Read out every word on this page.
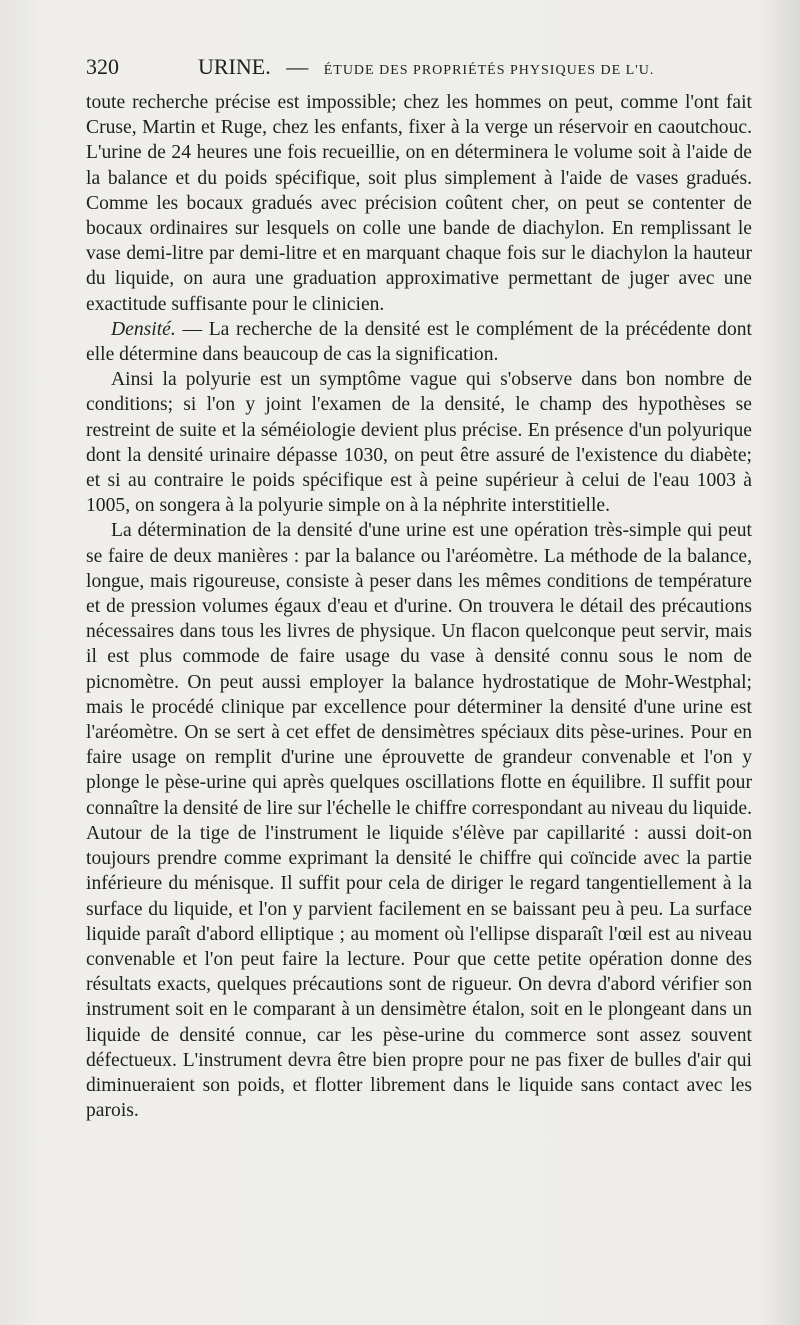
320	URINE. — ÉTUDE DES PROPRIÉTÉS PHYSIQUES DE L'U.

toute recherche précise est impossible; chez les hommes on peut, comme l'ont fait Cruse, Martin et Ruge, chez les enfants, fixer à la verge un réservoir en caoutchouc. L'urine de 24 heures une fois recueillie, on en déterminera le volume soit à l'aide de la balance et du poids spécifique, soit plus simplement à l'aide de vases gradués. Comme les bocaux gradués avec précision coûtent cher, on peut se contenter de bocaux ordinaires sur lesquels on colle une bande de diachylon. En remplissant le vase demi-litre par demi-litre et en marquant chaque fois sur le diachylon la hauteur du liquide, on aura une graduation approximative permettant de juger avec une exactitude suffisante pour le clinicien.

Densité. — La recherche de la densité est le complément de la précédente dont elle détermine dans beaucoup de cas la signification.

Ainsi la polyurie est un symptôme vague qui s'observe dans bon nombre de conditions; si l'on y joint l'examen de la densité, le champ des hypothèses se restreint de suite et la séméiologie devient plus précise. En présence d'un polyurique dont la densité urinaire dépasse 1030, on peut être assuré de l'existence du diabète; et si au contraire le poids spécifique est à peine supérieur à celui de l'eau 1003 à 1005, on songera à la polyurie simple on à la néphrite interstitielle.

La détermination de la densité d'une urine est une opération très-simple qui peut se faire de deux manières : par la balance ou l'aréomètre. La méthode de la balance, longue, mais rigoureuse, consiste à peser dans les mêmes conditions de température et de pression volumes égaux d'eau et d'urine. On trouvera le détail des précautions nécessaires dans tous les livres de physique. Un flacon quelconque peut servir, mais il est plus commode de faire usage du vase à densité connu sous le nom de picnomètre. On peut aussi employer la balance hydrostatique de Mohr-Westphal; mais le procédé clinique par excellence pour déterminer la densité d'une urine est l'aréomètre. On se sert à cet effet de densimètres spéciaux dits pèse-urines. Pour en faire usage on remplit d'urine une éprouvette de grandeur convenable et l'on y plonge le pèse-urine qui après quelques oscillations flotte en équilibre. Il suffit pour connaître la densité de lire sur l'échelle le chiffre correspondant au niveau du liquide. Autour de la tige de l'instrument le liquide s'élève par capillarité : aussi doit-on toujours prendre comme exprimant la densité le chiffre qui coïncide avec la partie inférieure du ménisque. Il suffit pour cela de diriger le regard tangentiellement à la surface du liquide, et l'on y parvient facilement en se baissant peu à peu. La surface liquide paraît d'abord elliptique ; au moment où l'ellipse disparaît l'œil est au niveau convenable et l'on peut faire la lecture. Pour que cette petite opération donne des résultats exacts, quelques précautions sont de rigueur. On devra d'abord vérifier son instrument soit en le comparant à un densimètre étalon, soit en le plongeant dans un liquide de densité connue, car les pèse-urine du commerce sont assez souvent défectueux. L'instrument devra être bien propre pour ne pas fixer de bulles d'air qui diminueraient son poids, et flotter librement dans le liquide sans contact avec les parois.
